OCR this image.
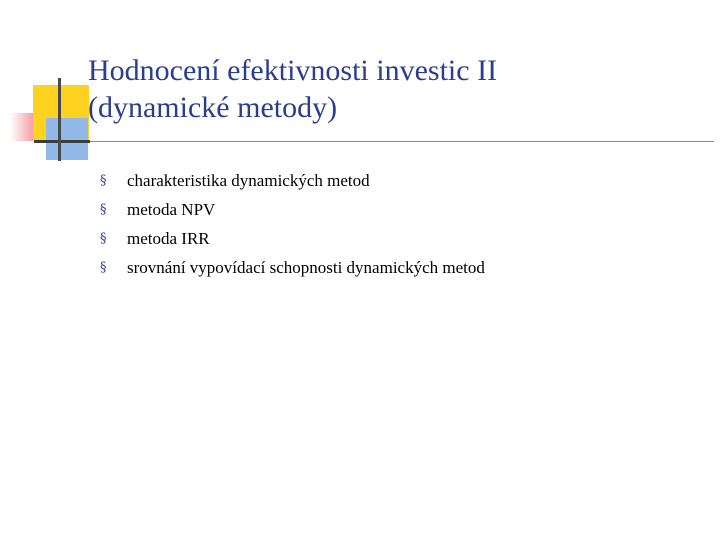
Hodnocení efektivnosti investic II
(dynamické metody)
§	charakteristika dynamických metod
§	metoda NPV
§	metoda IRR
§	srovnání vypovídací schopnosti dynamických metod
